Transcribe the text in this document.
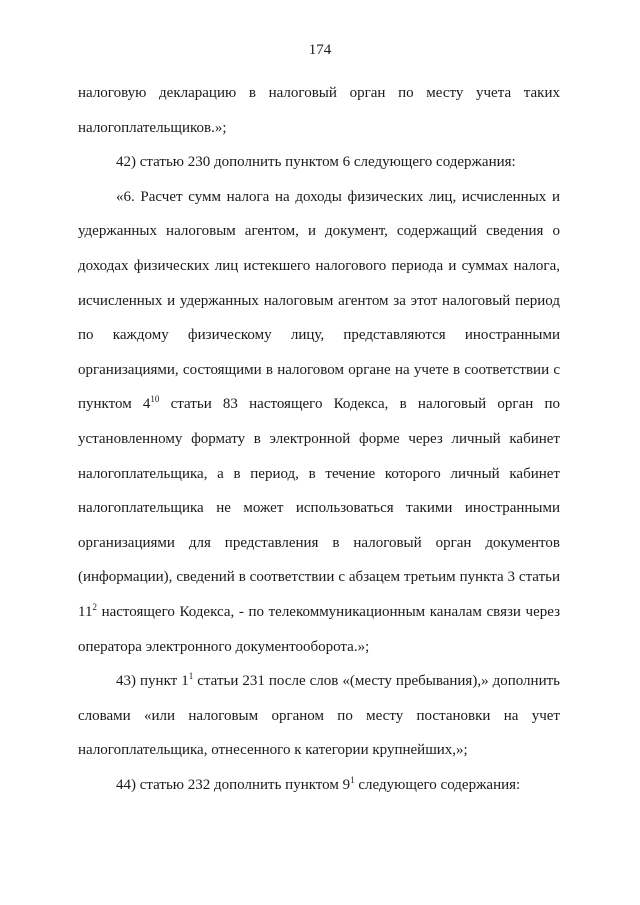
174

налоговую декларацию в налоговый орган по месту учета таких налогоплательщиков.»;

42) статью 230 дополнить пунктом 6 следующего содержания:

«6. Расчет сумм налога на доходы физических лиц, исчисленных и удержанных налоговым агентом, и документ, содержащий сведения о доходах физических лиц истекшего налогового периода и суммах налога, исчисленных и удержанных налоговым агентом за этот налоговый период по каждому физическому лицу, представляются иностранными организациями, состоящими в налоговом органе на учете в соответствии с пунктом $4^{10}$ статьи 83 настоящего Кодекса, в налоговый орган по установленному формату в электронной форме через личный кабинет налогоплательщика, а в период, в течение которого личный кабинет налогоплательщика не может использоваться такими иностранными организациями для представления в налоговый орган документов (информации), сведений в соответствии с абзацем третьим пункта 3 статьи $11^2$ настоящего Кодекса, - по телекоммуникационным каналам связи через оператора электронного документооборота.»;

43) пункт $1^1$ статьи 231 после слов «(месту пребывания),» дополнить словами «или налоговым органом по месту постановки на учет налогоплательщика, отнесенного к категории крупнейших,»;

44) статью 232 дополнить пунктом $9^1$ следующего содержания:
